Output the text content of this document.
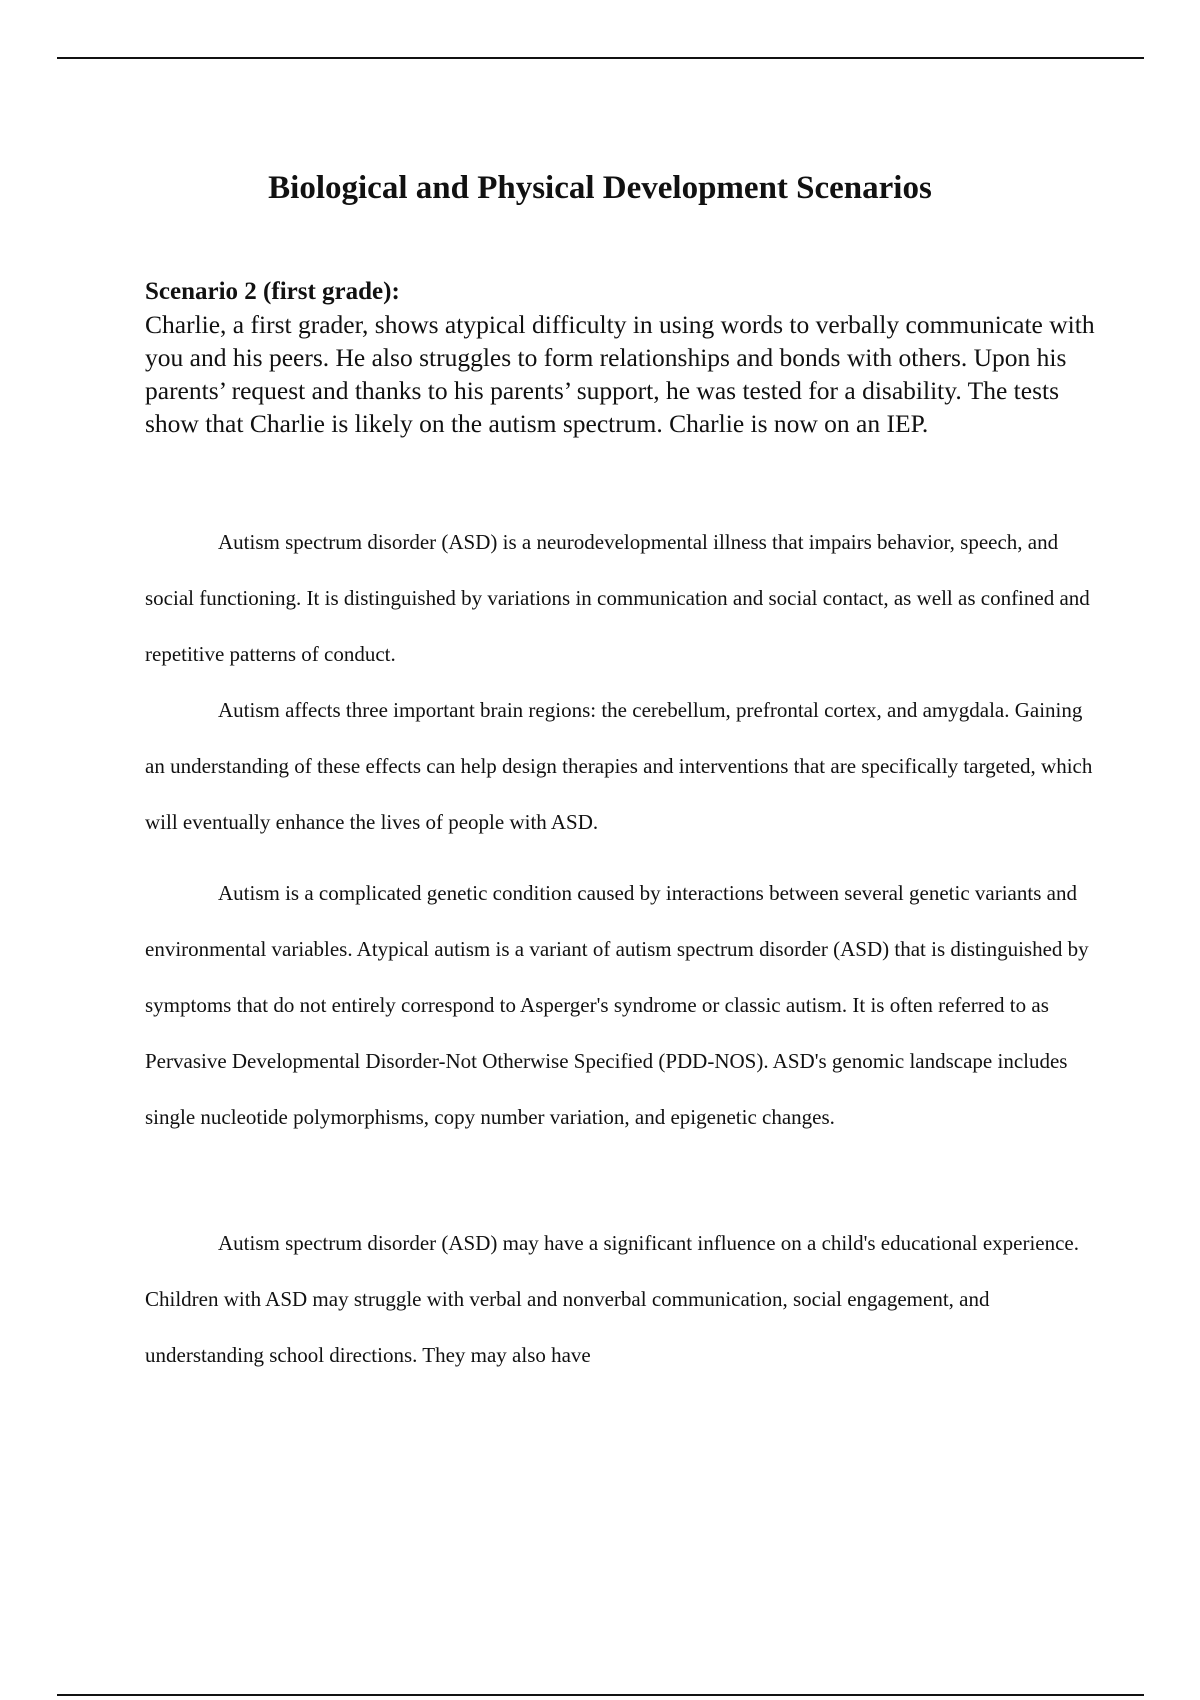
Biological and Physical Development Scenarios

Scenario 2 (first grade):

Charlie, a first grader, shows atypical difficulty in using words to verbally communicate with you and his peers. He also struggles to form relationships and bonds with others. Upon his parents’ request and thanks to his parents’ support, he was tested for a disability. The tests show that Charlie is likely on the autism spectrum. Charlie is now on an IEP.

Autism spectrum disorder (ASD) is a neurodevelopmental illness that impairs behavior, speech, and social functioning. It is distinguished by variations in communication and social contact, as well as confined and repetitive patterns of conduct.

Autism affects three important brain regions: the cerebellum, prefrontal cortex, and amygdala. Gaining an understanding of these effects can help design therapies and interventions that are specifically targeted, which will eventually enhance the lives of people with ASD.

Autism is a complicated genetic condition caused by interactions between several genetic variants and environmental variables. Atypical autism is a variant of autism spectrum disorder (ASD) that is distinguished by symptoms that do not entirely correspond to Asperger's syndrome or classic autism. It is often referred to as Pervasive Developmental Disorder-Not Otherwise Specified (PDD-NOS). ASD's genomic landscape includes single nucleotide polymorphisms, copy number variation, and epigenetic changes.

Autism spectrum disorder (ASD) may have a significant influence on a child's educational experience. Children with ASD may struggle with verbal and nonverbal communication, social engagement, and understanding school directions. They may also have
